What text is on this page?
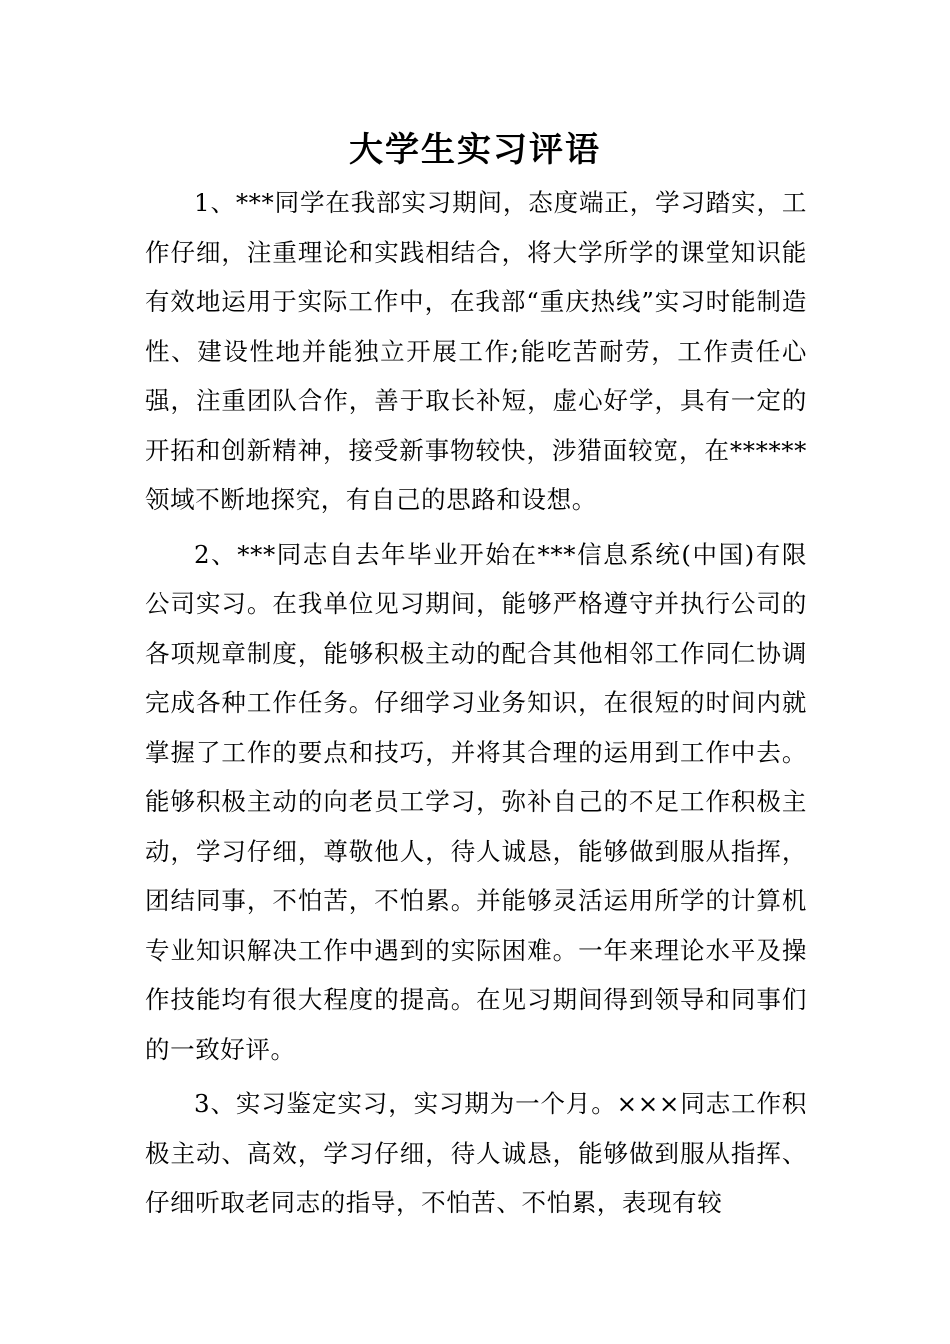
大学生实习评语

1、***同学在我部实习期间，态度端正，学习踏实，工作仔细，注重理论和实践相结合，将大学所学的课堂知识能有效地运用于实际工作中，在我部“重庆热线”实习时能制造性、建设性地并能独立开展工作;能吃苦耐劳，工作责任心强，注重团队合作，善于取长补短，虚心好学，具有一定的开拓和创新精神，接受新事物较快，涉猎面较宽，在******领域不断地探究，有自己的思路和设想。

2、***同志自去年毕业开始在***信息系统(中国)有限公司实习。在我单位见习期间，能够严格遵守并执行公司的各项规章制度，能够积极主动的配合其他相邻工作同仁协调完成各种工作任务。仔细学习业务知识，在很短的时间内就掌握了工作的要点和技巧，并将其合理的运用到工作中去。能够积极主动的向老员工学习，弥补自己的不足工作积极主动，学习仔细，尊敬他人，待人诚恳，能够做到服从指挥，团结同事，不怕苦，不怕累。并能够灵活运用所学的计算机专业知识解决工作中遇到的实际困难。一年来理论水平及操作技能均有很大程度的提高。在见习期间得到领导和同事们的一致好评。

3、实习鉴定实习，实习期为一个月。×××同志工作积极主动、高效，学习仔细，待人诚恳，能够做到服从指挥、仔细听取老同志的指导，不怕苦、不怕累，表现有较
